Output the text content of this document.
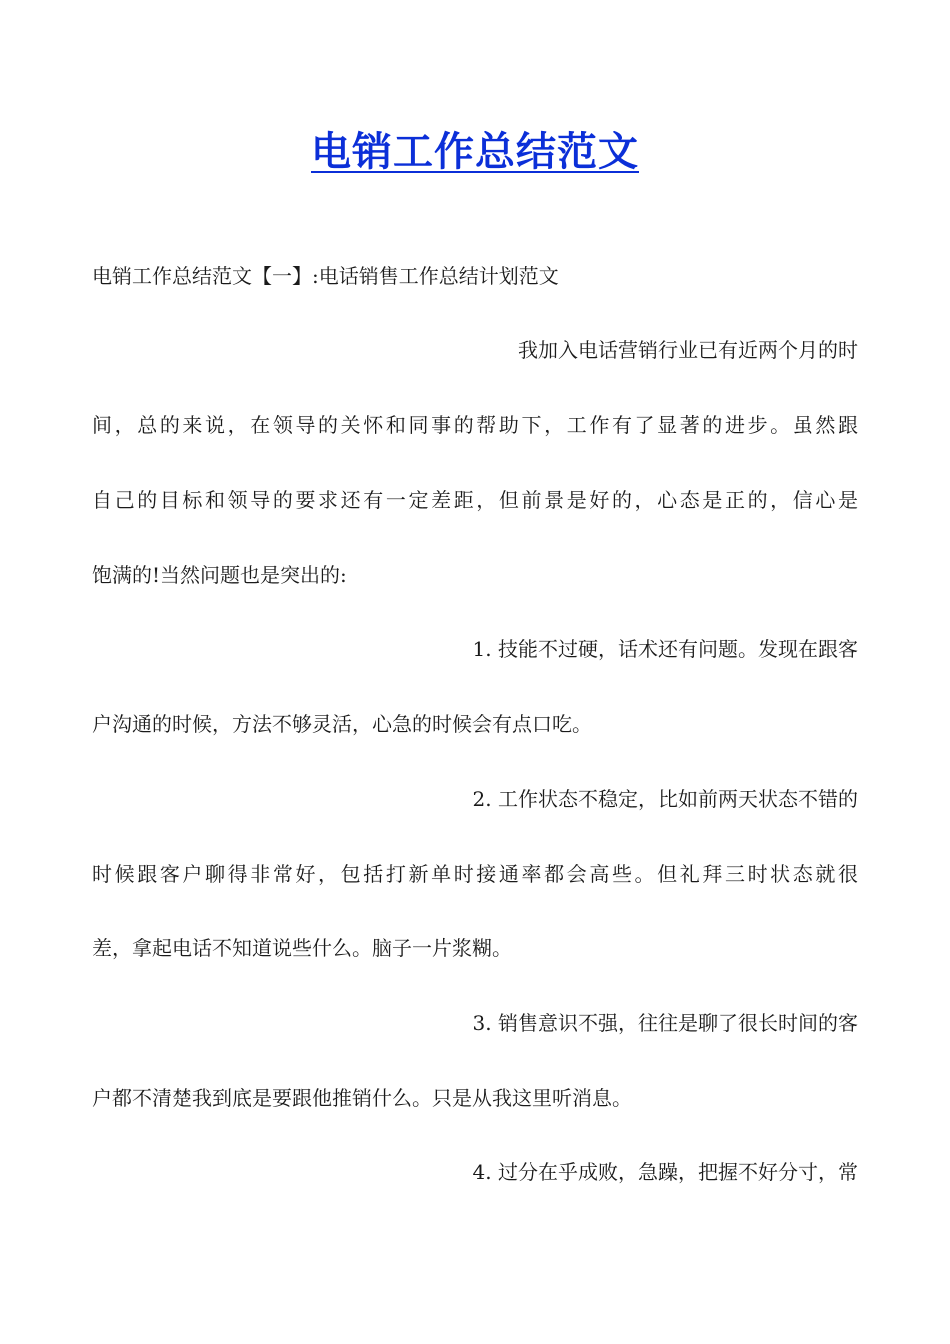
电销工作总结范文
电销工作总结范文【一】:电话销售工作总结计划范文
我加入电话营销行业已有近两个月的时
间，总的来说，在领导的关怀和同事的帮助下，工作有了显著的进步。虽然跟
自己的目标和领导的要求还有一定差距，但前景是好的，心态是正的，信心是
饱满的!当然问题也是突出的:
1. 技能不过硬，话术还有问题。发现在跟客
户沟通的时候，方法不够灵活，心急的时候会有点口吃。
2. 工作状态不稳定，比如前两天状态不错的
时候跟客户聊得非常好，包括打新单时接通率都会高些。但礼拜三时状态就很
差，拿起电话不知道说些什么。脑子一片浆糊。
3. 销售意识不强，往往是聊了很长时间的客
户都不清楚我到底是要跟他推销什么。只是从我这里听消息。
4. 过分在乎成败，急躁，把握不好分寸，常
